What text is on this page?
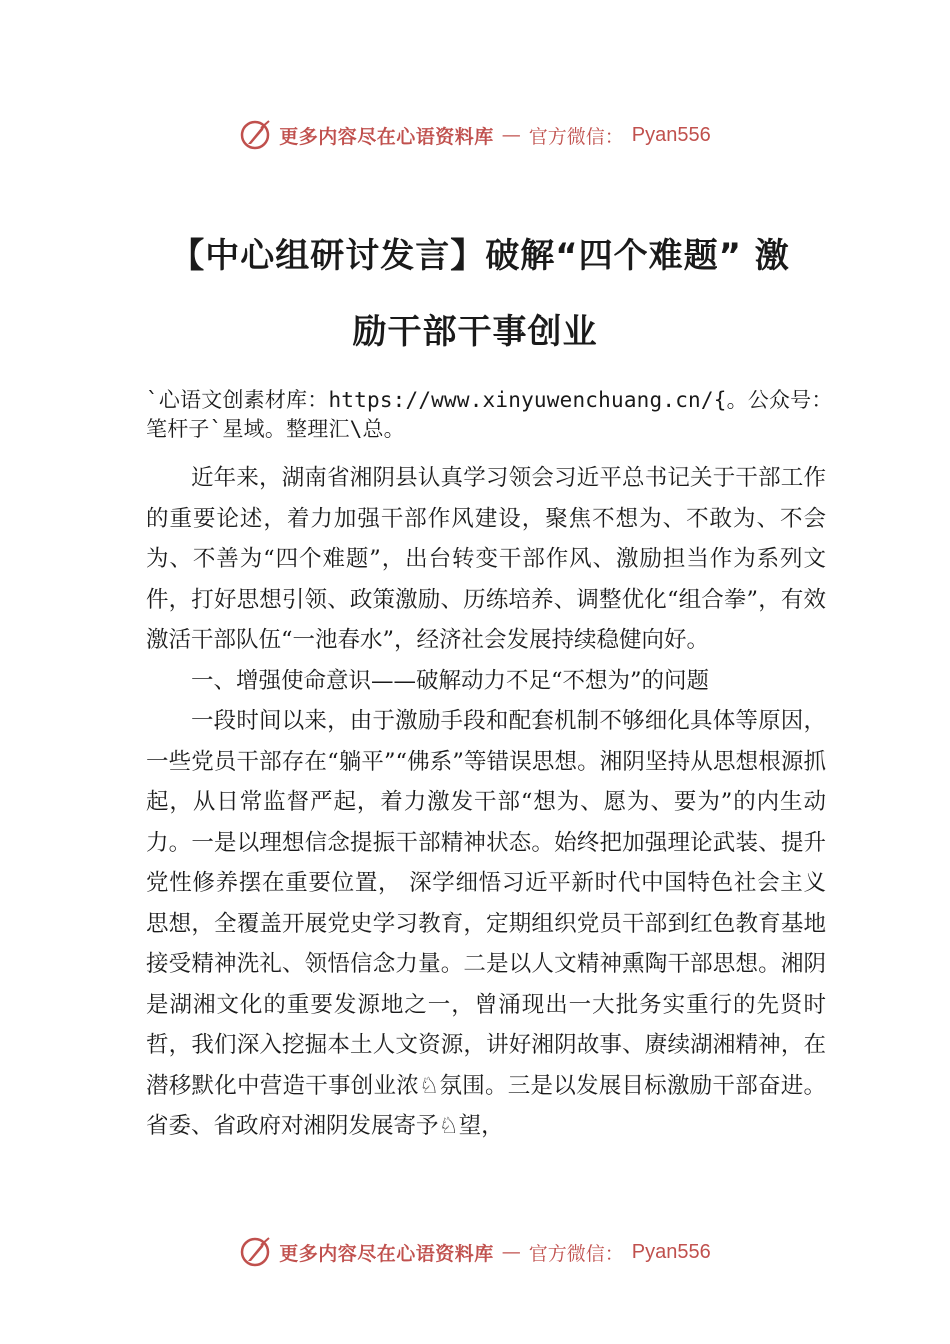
更多内容尽在心语资料库 — 官方微信： Pyan556
【中心组研讨发言】破解“四个难题” 激
励干部干事创业
`心语文创素材库：https://www.xinyuwenchuang.cn/{。公众号：笔杆子`星域。整理汇\总。

近年来，湖南省湘阴县认真学习领会习近平总书记关于干部工作的重要论述，着力加强干部作风建设，聚焦不想为、不敢为、不会为、不善为“四个难题”，出台转变干部作风、激励担当作为系列文件，打好思想引领、政策激励、历练培养、调整优化“组合拳”，有效激活干部队伍“一池春水”，经济社会发展持续稳健向好。

一、增强使命意识——破解动力不足“不想为”的问题

一段时间以来，由于激励手段和配套机制不够细化具体等原因，一些党员干部存在“躺平”“佛系”等错误思想。湘阴坚持从思想根源抓起，从日常监督严起，着力激发干部“想为、愿为、要为”的内生动力。一是以理想信念提振干部精神状态。始终把加强理论武装、提升党性修养摆在重要位置， 深学细悟习近平新时代中国特色社会主义思想，全覆盖开展党史学习教育，定期组织党员干部到红色教育基地接受精神洗礼、领悟信念力量。二是以人文精神熏陶干部思想。湘阴是湖湘文化的重要发源地之一，曾涌现出一大批务实重行的先贤时哲，我们深入挖掘本土人文资源，讲好湘阴故事、赓续湖湘精神，在潜移默化中营造干事创业浓♘氛围。三是以发展目标激励干部奋进。省委、省政府对湘阴发展寄予♘望，

更多内容尽在心语资料库 — 官方微信： Pyan556
